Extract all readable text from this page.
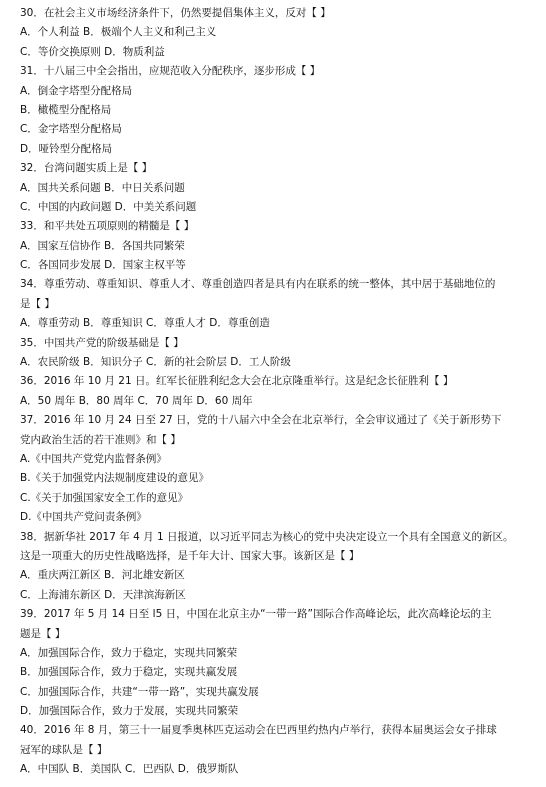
30．在社会主义市场经济条件下，仍然要提倡集体主义，反对【 】
A．个人利益 B．极端个人主义和利己主义
C．等价交换原则 D．物质利益
31．十八届三中全会指出，应规范收入分配秩序，逐步形成【 】
A．倒金字塔型分配格局
B．橄榄型分配格局
C．金字塔型分配格局
D．哑铃型分配格局
32．台湾问题实质上是【 】
A．国共关系问题 B．中日关系问题
C．中国的内政问题 D．中美关系问题
33．和平共处五项原则的精髓是【 】
A．国家互信协作 B．各国共同繁荣
C．各国同步发展 D．国家主权平等
34．尊重劳动、尊重知识、尊重人才、尊重创造四者是具有内在联系的统一整体，其中居于基础地位的
是【 】
A．尊重劳动 B．尊重知识 C．尊重人才 D．尊重创造
35．中国共产党的阶级基础是【 】
A．农民阶级 B．知识分子 C．新的社会阶层 D．工人阶级
36．2016 年 10 月 21 日。红军长征胜利纪念大会在北京隆重举行。这是纪念长征胜利【 】
A．50 周年 B．80 周年 C．70 周年 D．60 周年
37．2016 年 10 月 24 日至 27 日，党的十八届六中全会在北京举行，全会审议通过了《关于新形势下
党内政治生活的若干准则》和【 】
A.《中国共产党党内监督条例》
B.《关于加强党内法规制度建设的意见》
C.《关于加强国家安全工作的意见》
D.《中国共产党问责条例》
38．据新华社 2017 年 4 月 1 日报道，以习近平同志为核心的党中央决定设立一个具有全国意义的新区。
这是一项重大的历史性战略选择，是千年大计、国家大事。该新区是【 】
A．重庆两江新区 B．河北雄安新区
C．上海浦东新区 D．天津滨海新区
39．2017 年 5 月 14 日至 l5 日，中国在北京主办“一带一路”国际合作高峰论坛，此次高峰论坛的主
题是【 】
A．加强国际合作，致力于稳定，实现共同繁荣
B．加强国际合作，致力于稳定，实现共赢发展
C．加强国际合作，共建“一带一路”，实现共赢发展
D．加强国际合作，致力于发展，实现共同繁荣
40．2016 年 8 月，第三十一届夏季奥林匹克运动会在巴西里约热内卢举行，获得本届奥运会女子排球
冠军的球队是【 】
A．中国队 B．美国队 C．巴西队 D．俄罗斯队
